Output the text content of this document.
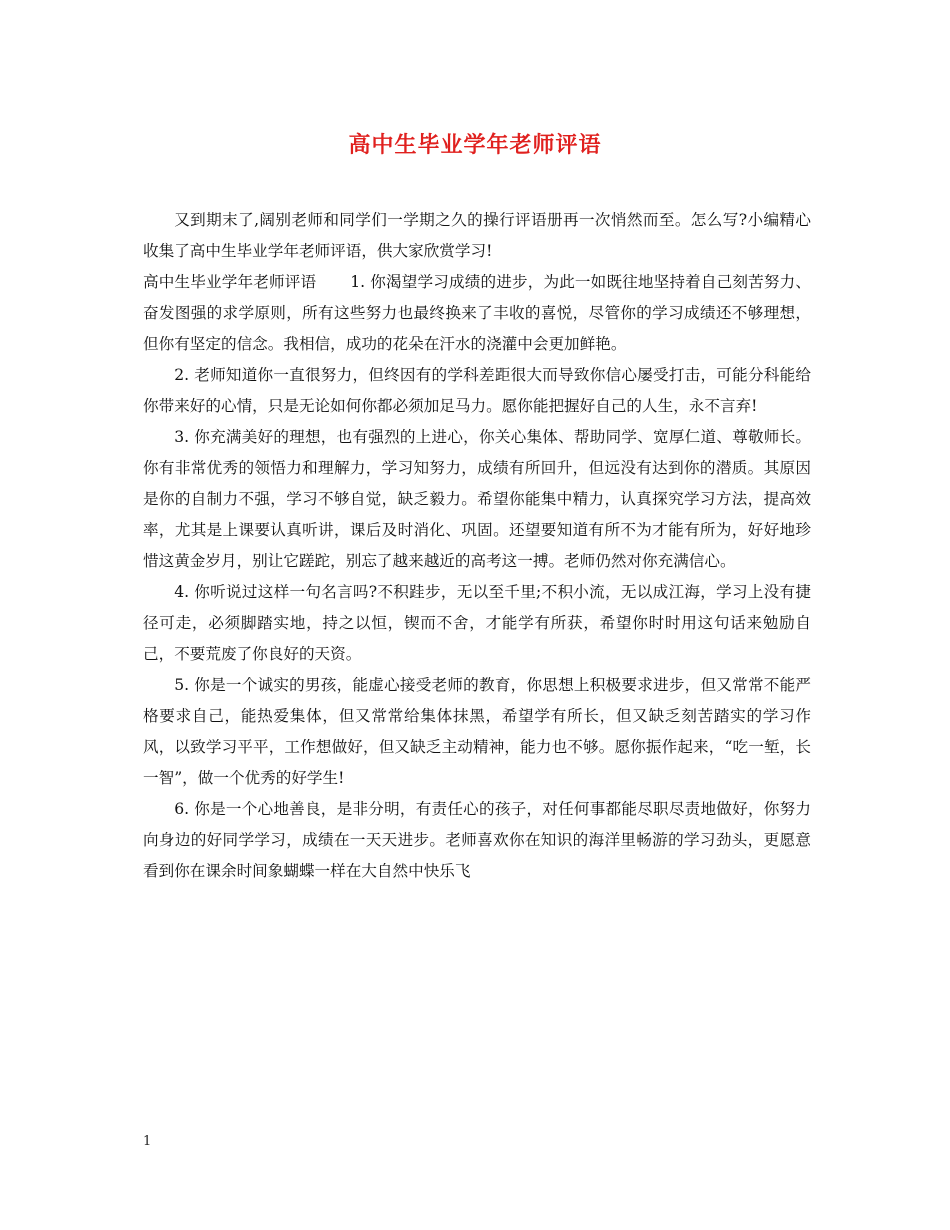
高中生毕业学年老师评语

又到期末了,阔别老师和同学们一学期之久的操行评语册再一次悄然而至。怎么写?小编精心收集了高中生毕业学年老师评语，供大家欣赏学习!

高中生毕业学年老师评语 1. 你渴望学习成绩的进步，为此一如既往地坚持着自己刻苦努力、奋发图强的求学原则，所有这些努力也最终换来了丰收的喜悦，尽管你的学习成绩还不够理想，但你有坚定的信念。我相信，成功的花朵在汗水的浇灌中会更加鲜艳。

2. 老师知道你一直很努力，但终因有的学科差距很大而导致你信心屡受打击，可能分科能给你带来好的心情，只是无论如何你都必须加足马力。愿你能把握好自己的人生，永不言弃!

3. 你充满美好的理想，也有强烈的上进心，你关心集体、帮助同学、宽厚仁道、尊敬师长。你有非常优秀的领悟力和理解力，学习知努力，成绩有所回升，但远没有达到你的潜质。其原因是你的自制力不强，学习不够自觉，缺乏毅力。希望你能集中精力，认真探究学习方法，提高效率，尤其是上课要认真听讲，课后及时消化、巩固。还望要知道有所不为才能有所为，好好地珍惜这黄金岁月，别让它蹉跎，别忘了越来越近的高考这一搏。老师仍然对你充满信心。

4. 你听说过这样一句名言吗?不积跬步，无以至千里;不积小流，无以成江海，学习上没有捷径可走，必须脚踏实地，持之以恒，锲而不舍，才能学有所获，希望你时时用这句话来勉励自己，不要荒废了你良好的天资。

5. 你是一个诚实的男孩，能虚心接受老师的教育，你思想上积极要求进步，但又常常不能严格要求自己，能热爱集体，但又常常给集体抹黑，希望学有所长，但又缺乏刻苦踏实的学习作风，以致学习平平，工作想做好，但又缺乏主动精神，能力也不够。愿你振作起来，“吃一堑，长一智”，做一个优秀的好学生!

6. 你是一个心地善良，是非分明，有责任心的孩子，对任何事都能尽职尽责地做好，你努力向身边的好同学学习，成绩在一天天进步。老师喜欢你在知识的海洋里畅游的学习劲头，更愿意看到你在课余时间象蝴蝶一样在大自然中快乐飞

1
